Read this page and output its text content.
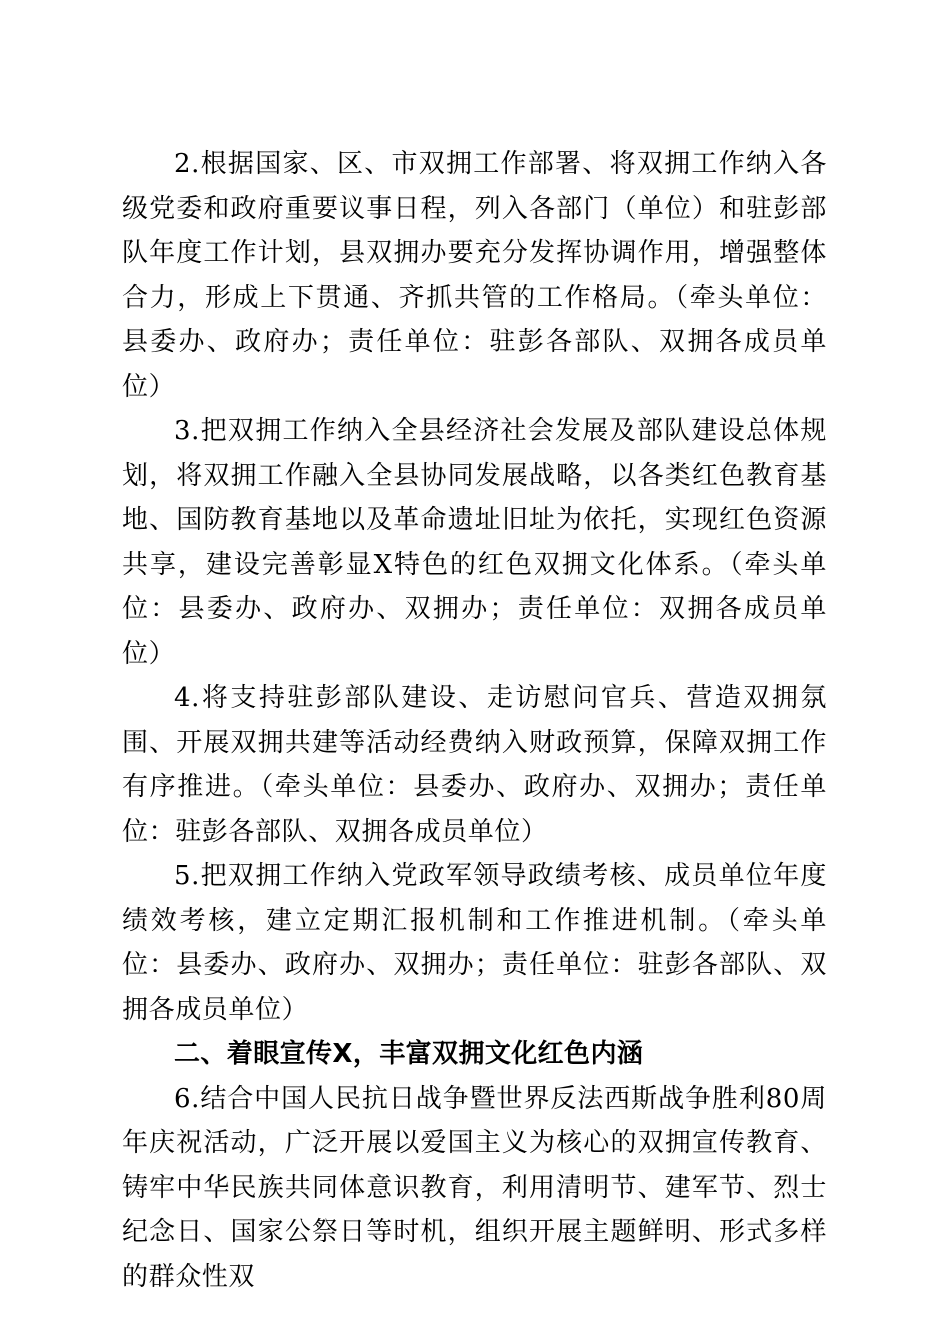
2.根据国家、区、市双拥工作部署、将双拥工作纳入各级党委和政府重要议事日程，列入各部门（单位）和驻彭部队年度工作计划，县双拥办要充分发挥协调作用，增强整体合力，形成上下贯通、齐抓共管的工作格局。（牵头单位：县委办、政府办；责任单位：驻彭各部队、双拥各成员单位）

3.把双拥工作纳入全县经济社会发展及部队建设总体规划，将双拥工作融入全县协同发展战略，以各类红色教育基地、国防教育基地以及革命遗址旧址为依托，实现红色资源共享，建设完善彰显X特色的红色双拥文化体系。（牵头单位：县委办、政府办、双拥办；责任单位：双拥各成员单位）

4.将支持驻彭部队建设、走访慰问官兵、营造双拥氛围、开展双拥共建等活动经费纳入财政预算，保障双拥工作有序推进。（牵头单位：县委办、政府办、双拥办；责任单位：驻彭各部队、双拥各成员单位）

5.把双拥工作纳入党政军领导政绩考核、成员单位年度绩效考核，建立定期汇报机制和工作推进机制。（牵头单位：县委办、政府办、双拥办；责任单位：驻彭各部队、双拥各成员单位）

二、着眼宣传X，丰富双拥文化红色内涵

6.结合中国人民抗日战争暨世界反法西斯战争胜利80周年庆祝活动，广泛开展以爱国主义为核心的双拥宣传教育、铸牢中华民族共同体意识教育，利用清明节、建军节、烈士纪念日、国家公祭日等时机，组织开展主题鲜明、形式多样的群众性双
